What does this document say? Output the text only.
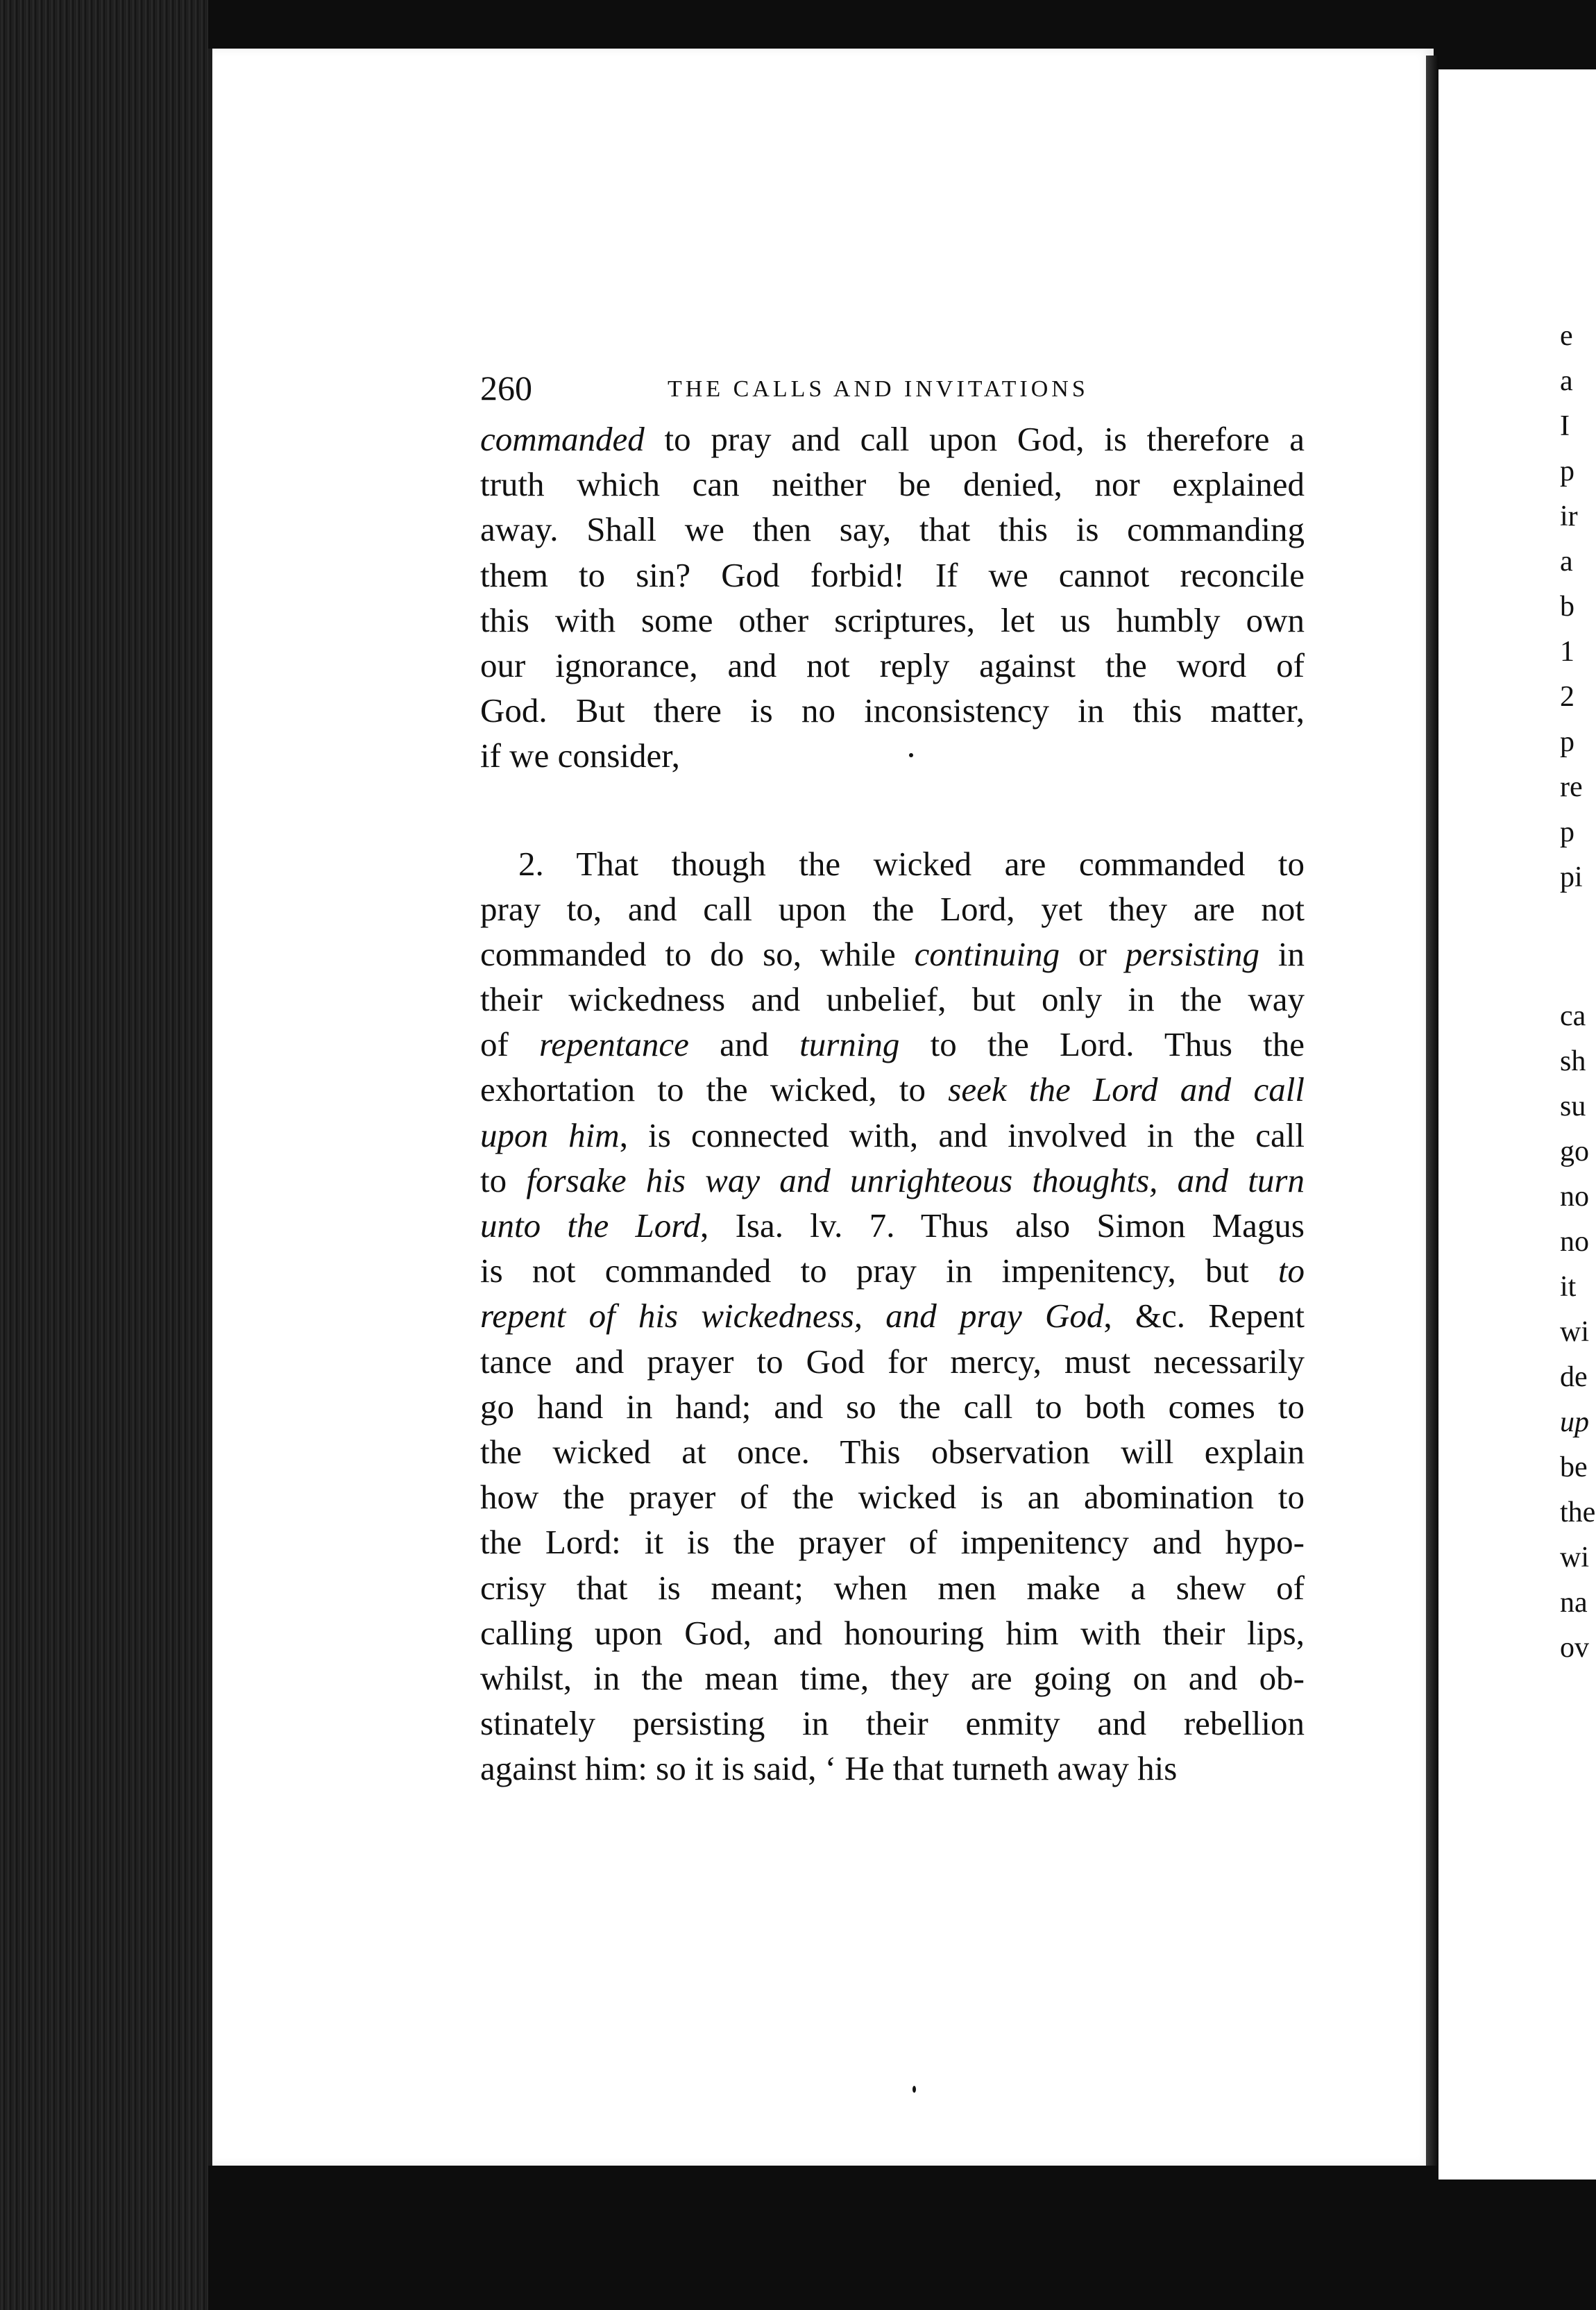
e
a
I
p
ir
a
b
1
2
p
re
p
pi
ca
sh
su
go
no
no
it
wi
de
up
be
the
wi
na
ov
260	THE CALLS AND INVITATIONS
commanded to pray and call upon God, is therefore a
truth which can neither be denied, nor explained
away. Shall we then say, that this is commanding
them to sin? God forbid! If we cannot reconcile
this with some other scriptures, let us humbly own
our ignorance, and not reply against the word of
God. But there is no inconsistency in this matter,
if we consider,
2. That though the wicked are commanded to
pray to, and call upon the Lord, yet they are not
commanded to do so, while continuing or persisting in
their wickedness and unbelief, but only in the way
of repentance and turning to the Lord. Thus the
exhortation to the wicked, to seek the Lord and call
upon him, is connected with, and involved in the call
to forsake his way and unrighteous thoughts, and turn
unto the Lord, Isa. lv. 7. Thus also Simon Magus
is not commanded to pray in impenitency, but to
repent of his wickedness, and pray God, &c. Repent
tance and prayer to God for mercy, must necessarily
go hand in hand; and so the call to both comes to
the wicked at once. This observation will explain
how the prayer of the wicked is an abomination to
the Lord: it is the prayer of impenitency and hypo-
crisy that is meant; when men make a shew of
calling upon God, and honouring him with their lips,
whilst, in the mean time, they are going on and ob-
stinately persisting in their enmity and rebellion
against him: so it is said, ‘ He that turneth away his
